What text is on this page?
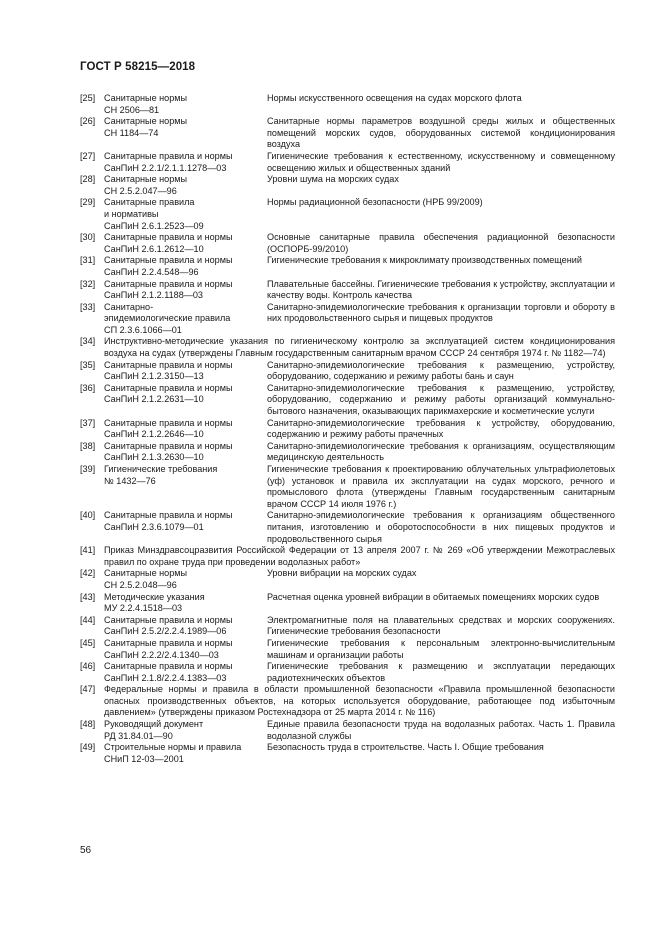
ГОСТ Р 58215—2018
[25] Санитарные нормы
СН 2506—81
Нормы искусственного освещения на судах морского флота
[26] Санитарные нормы
СН 1184—74
Санитарные нормы параметров воздушной среды жилых и общественных помещений морских судов, оборудованных системой кондиционирования воздуха
[27] Санитарные правила и нормы
СанПиН 2.2.1/2.1.1.1278—03
Гигиенические требования к естественному, искусственному и совмещенному освещению жилых и общественных зданий
[28] Санитарные нормы
СН 2.5.2.047—96
Уровни шума на морских судах
[29] Санитарные правила
и нормативы
СанПиН 2.6.1.2523—09
Нормы радиационной безопасности (НРБ 99/2009)
[30] Санитарные правила и нормы
СанПиН 2.6.1.2612—10
Основные санитарные правила обеспечения радиационной безопасности (ОСПОРБ-99/2010)
[31] Санитарные правила и нормы
СанПиН 2.2.4.548—96
Гигиенические требования к микроклимату производственных помещений
[32] Санитарные правила и нормы
СанПиН 2.1.2.1188—03
Плавательные бассейны. Гигиенические требования к устройству, эксплуатации и качеству воды. Контроль качества
[33] Санитарно-
эпидемиологические правила
СП 2.3.6.1066—01
Санитарно-эпидемиологические требования к организации торговли и обороту в них продовольственного сырья и пищевых продуктов
[34] Инструктивно-методические указания по гигиеническому контролю за эксплуатацией систем кондиционирования воздуха на судах (утверждены Главным государственным санитарным врачом СССР 24 сентября 1974 г. № 1182—74)
[35] Санитарные правила и нормы
СанПиН 2.1.2.3150—13
Санитарно-эпидемиологические требования к размещению, устройству, оборудованию, содержанию и режиму работы бань и саун
[36] Санитарные правила и нормы
СанПиН 2.1.2.2631—10
Санитарно-эпидемиологические требования к размещению, устройству, оборудованию, содержанию и режиму работы организаций коммунально-бытового назначения, оказывающих парикмахерские и косметические услуги
[37] Санитарные правила и нормы
СанПиН 2.1.2.2646—10
Санитарно-эпидемиологические требования к устройству, оборудованию, содержанию и режиму работы прачечных
[38] Санитарные правила и нормы
СанПиН 2.1.3.2630—10
Санитарно-эпидемиологические требования к организациям, осуществляющим медицинскую деятельность
[39] Гигиенические требования
№ 1432—76
Гигиенические требования к проектированию облучательных ультрафиолетовых (уф) установок и правила их эксплуатации на судах морского, речного и промыслового флота (утверждены Главным государственным санитарным врачом СССР 14 июля 1976 г.)
[40] Санитарные правила и нормы
СанПиН 2.3.6.1079—01
Санитарно-эпидемиологические требования к организациям общественного питания, изготовлению и оборотоспособности в них пищевых продуктов и продовольственного сырья
[41] Приказ Минздравсоцразвития Российской Федерации от 13 апреля 2007 г. № 269 «Об утверждении Межотраслевых правил по охране труда при проведении водолазных работ»
[42] Санитарные нормы
СН 2.5.2.048—96
Уровни вибрации на морских судах
[43] Методические указания
МУ 2.2.4.1518—03
Расчетная оценка уровней вибрации в обитаемых помещениях морских судов
[44] Санитарные правила и нормы
СанПиН 2.5.2/2.2.4.1989—06
Электромагнитные поля на плавательных средствах и морских сооружениях. Гигиенические требования безопасности
[45] Санитарные правила и нормы
СанПиН 2.2.2/2.4.1340—03
Гигиенические требования к персональным электронно-вычислительным машинам и организации работы
[46] Санитарные правила и нормы
СанПиН 2.1.8/2.2.4.1383—03
Гигиенические требования к размещению и эксплуатации передающих радиотехнических объектов
[47] Федеральные нормы и правила в области промышленной безопасности «Правила промышленной безопасности опасных производственных объектов, на которых используется оборудование, работающее под избыточным давлением» (утверждены приказом Ростехнадзора от 25 марта 2014 г. № 116)
[48] Руководящий документ
РД 31.84.01—90
Единые правила безопасности труда на водолазных работах. Часть 1. Правила водолазной службы
[49] Строительные нормы и правила
СНиП 12-03—2001
Безопасность труда в строительстве. Часть I. Общие требования
56
